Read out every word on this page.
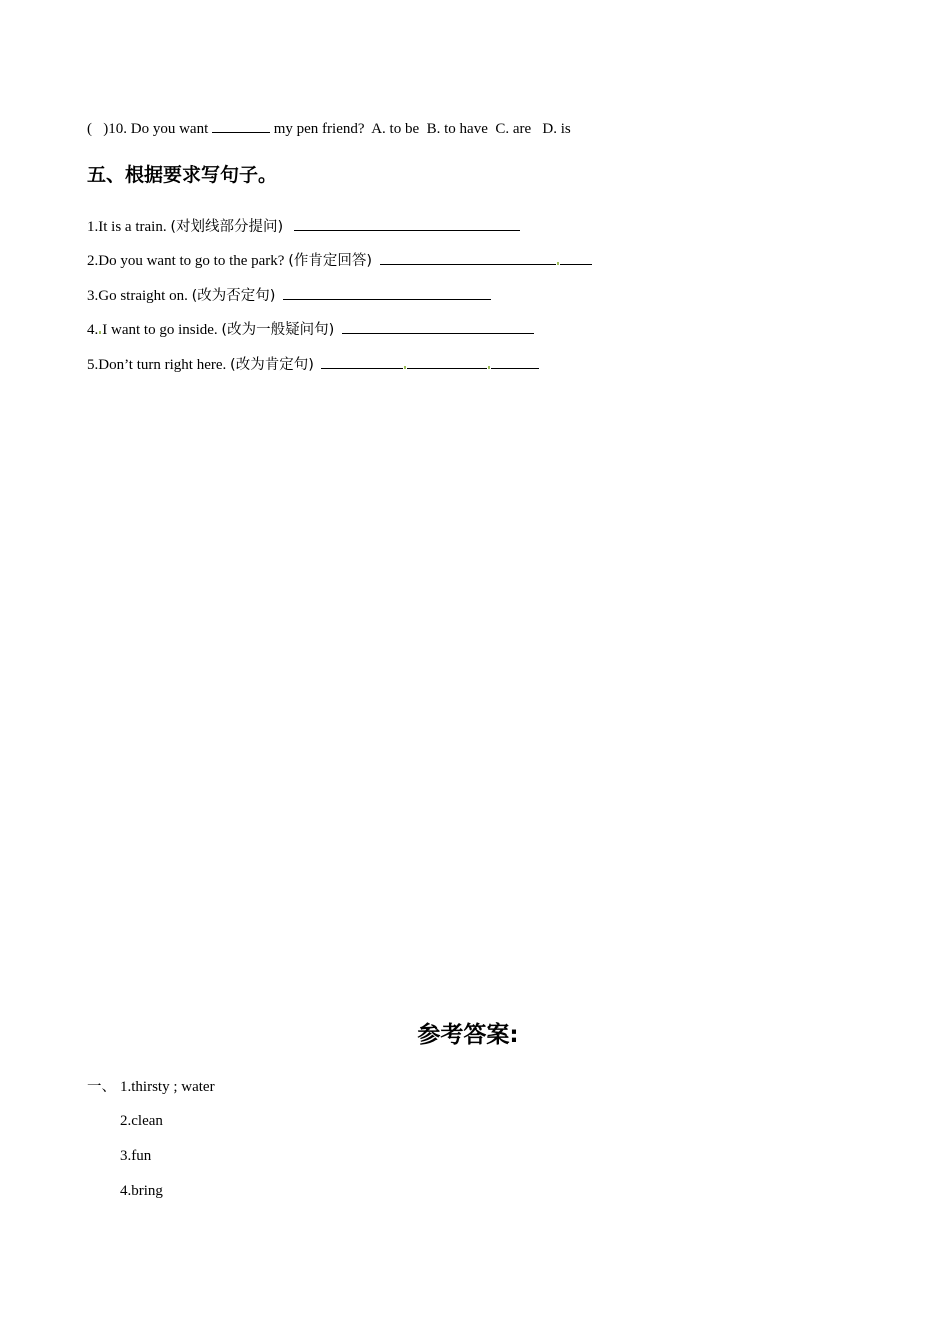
(   )10. Do you want	my pen friend?  A. to be  B. to have  C. are   D. is
五、根据要求写句子。
1.It is a train. (对划线部分提问)
2.Do you want to go to the park? (作肯定回答)
3.Go straight on. (改为否定句)
4. I want to go inside. (改为一般疑问句)
5.Don’t turn right here. (改为肯定句)
参考答案:
一、 1.thirsty ; water
2.clean
3.fun
4.bring
